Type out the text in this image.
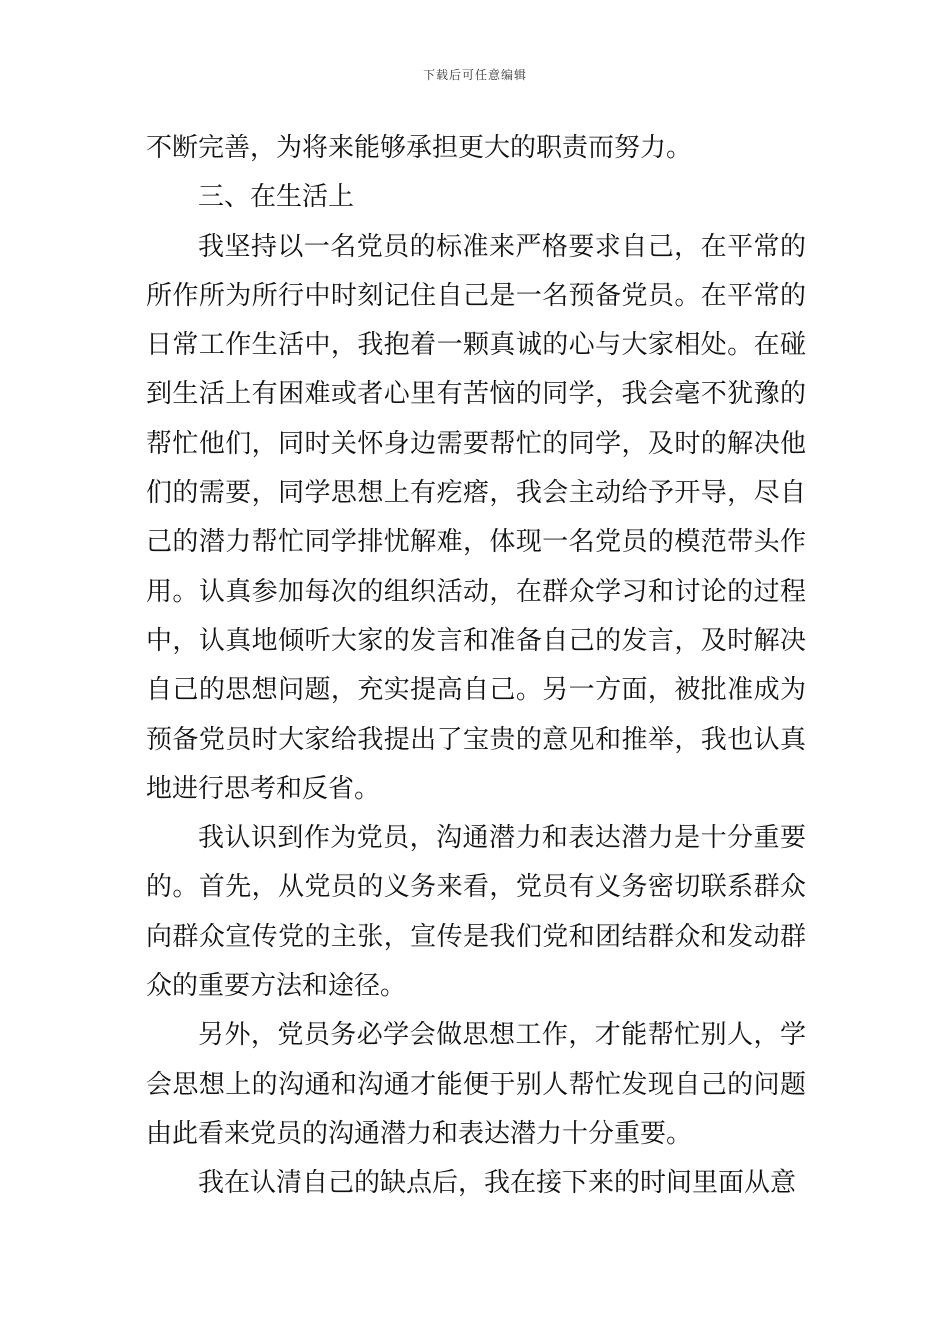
下载后可任意编辑

不断完善，为将来能够承担更大的职责而努力。

三、在生活上

我坚持以一名党员的标准来严格要求自己，在平常的所作所为所行中时刻记住自己是一名预备党员。在平常的日常工作生活中，我抱着一颗真诚的心与大家相处。在碰到生活上有困难或者心里有苦恼的同学，我会毫不犹豫的帮忙他们，同时关怀身边需要帮忙的同学，及时的解决他们的需要，同学思想上有疙瘩，我会主动给予开导，尽自己的潜力帮忙同学排忧解难，体现一名党员的模范带头作用。认真参加每次的组织活动，在群众学习和讨论的过程中，认真地倾听大家的发言和准备自己的发言，及时解决自己的思想问题，充实提高自己。另一方面，被批准成为预备党员时大家给我提出了宝贵的意见和推举，我也认真地进行思考和反省。

我认识到作为党员，沟通潜力和表达潜力是十分重要的。首先，从党员的义务来看，党员有义务密切联系群众向群众宣传党的主张，宣传是我们党和团结群众和发动群众的重要方法和途径。

另外，党员务必学会做思想工作，才能帮忙别人，学会思想上的沟通和沟通才能便于别人帮忙发现自己的问题由此看来党员的沟通潜力和表达潜力十分重要。

我在认清自己的缺点后，我在接下来的时间里面从意
